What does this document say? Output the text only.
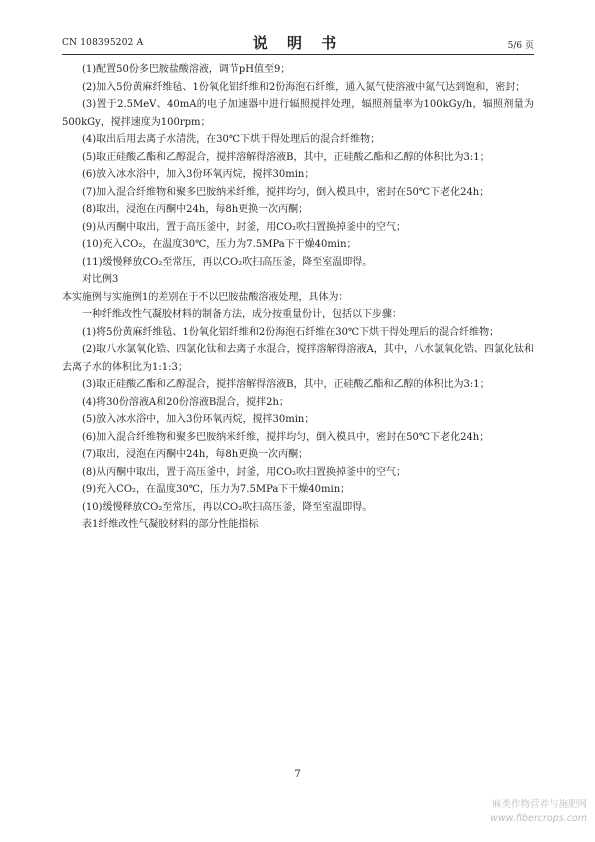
CN 108395202 A	说 明 书	5/6 页

(1)配置50份多巴胺盐酸溶液，调节pH值至9；

(2)加入5份黄麻纤维毡、1份氧化铝纤维和2份海泡石纤维，通入氮气使溶液中氮气达到饱和，密封；

(3)置于2.5MeV、40mA的电子加速器中进行辐照搅拌处理，辐照剂量率为100kGy/h，辐照剂量为500kGy，搅拌速度为100rpm；

(4)取出后用去离子水清洗，在30℃下烘干得处理后的混合纤维物；

(5)取正硅酸乙酯和乙醇混合，搅拌溶解得溶液B，其中，正硅酸乙酯和乙醇的体积比为3:1；

(6)放入冰水浴中，加入3份环氧丙烷，搅拌30min；

(7)加入混合纤维物和聚多巴胺纳米纤维，搅拌均匀，倒入模具中，密封在50℃下老化24h；

(8)取出，浸泡在丙酮中24h，每8h更换一次丙酮；

(9)从丙酮中取出，置于高压釜中，封釜，用CO₂吹扫置换掉釜中的空气；

(10)充入CO₂，在温度30℃，压力为7.5MPa下干燥40min；

(11)缓慢释放CO₂至常压，再以CO₂吹扫高压釜，降至室温即得。

对比例3

本实施例与实施例1的差别在于不以巴胺盐酸溶液处理，具体为：

一种纤维改性气凝胶材料的制备方法，成分按重量份计，包括以下步骤：

(1)将5份黄麻纤维毡、1份氧化铝纤维和2份海泡石纤维在30℃下烘干得处理后的混合纤维物；

(2)取八水氯氧化锆、四氯化钛和去离子水混合，搅拌溶解得溶液A，其中，八水氯氧化锆、四氯化钛和去离子水的体积比为1:1:3；

(3)取正硅酸乙酯和乙醇混合，搅拌溶解得溶液B，其中，正硅酸乙酯和乙醇的体积比为3:1；

(4)将30份溶液A和20份溶液B混合，搅拌2h；

(5)放入冰水浴中，加入3份环氧丙烷，搅拌30min；

(6)加入混合纤维物和聚多巴胺纳米纤维，搅拌均匀，倒入模具中，密封在50℃下老化24h；

(7)取出，浸泡在丙酮中24h，每8h更换一次丙酮；

(8)从丙酮中取出，置于高压釜中，封釜，用CO₂吹扫置换掉釜中的空气；

(9)充入CO₂，在温度30℃，压力为7.5MPa下干燥40min；

(10)缓慢释放CO₂至常压，再以CO₂吹扫高压釜，降至室温即得。

表1纤维改性气凝胶材料的部分性能指标

7
麻类作物营养与施肥网
www.fibercrops.com
